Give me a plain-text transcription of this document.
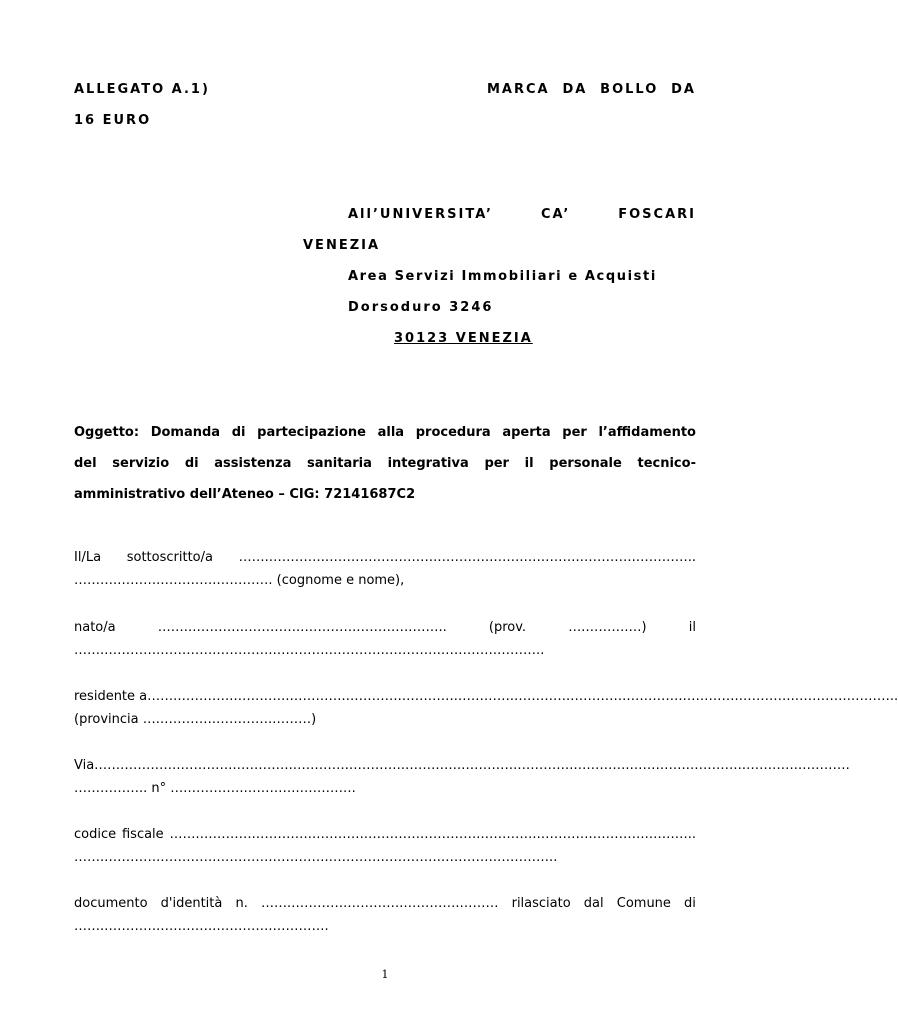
ALLEGATO A.1)	MARCA DA BOLLO DA
16 EURO
All’UNIVERSITA’	CA’	FOSCARI
VENEZIA
Area Servizi Immobiliari e Acquisti
Dorsoduro 3246
30123 VENEZIA
Oggetto: Domanda di partecipazione alla procedura aperta per l’affidamento
del servizio di assistenza sanitaria integrativa per il personale tecnico-
amministrativo dell’Ateneo – CIG: 72141687C2
Il/La sottoscritto/a …….………….………….………….………….…….………….………….…………..
……….……….………….…………. (cognome e nome),
nato/a	…….………….………….………….………….……..	(prov.	….……….…)	il
…….………….………….………….………….………….………….………….………..
residente a …….………….………….………….………….………….………….………….………….………….………….………….………….………..
(provincia ….………….………….………)
Via…….………….………….………….………….………….………….………….………….………….………….………….………….…………
…………….. n° ….………….………….………….
codice fiscale …….………….………….………….………….………….………….………….………….………..
…….………….………….………….………….………….………….………….…………..
documento d'identità n. …….………….………….………….……… rilasciato dal Comune di
…….………….………….………….………….
1
